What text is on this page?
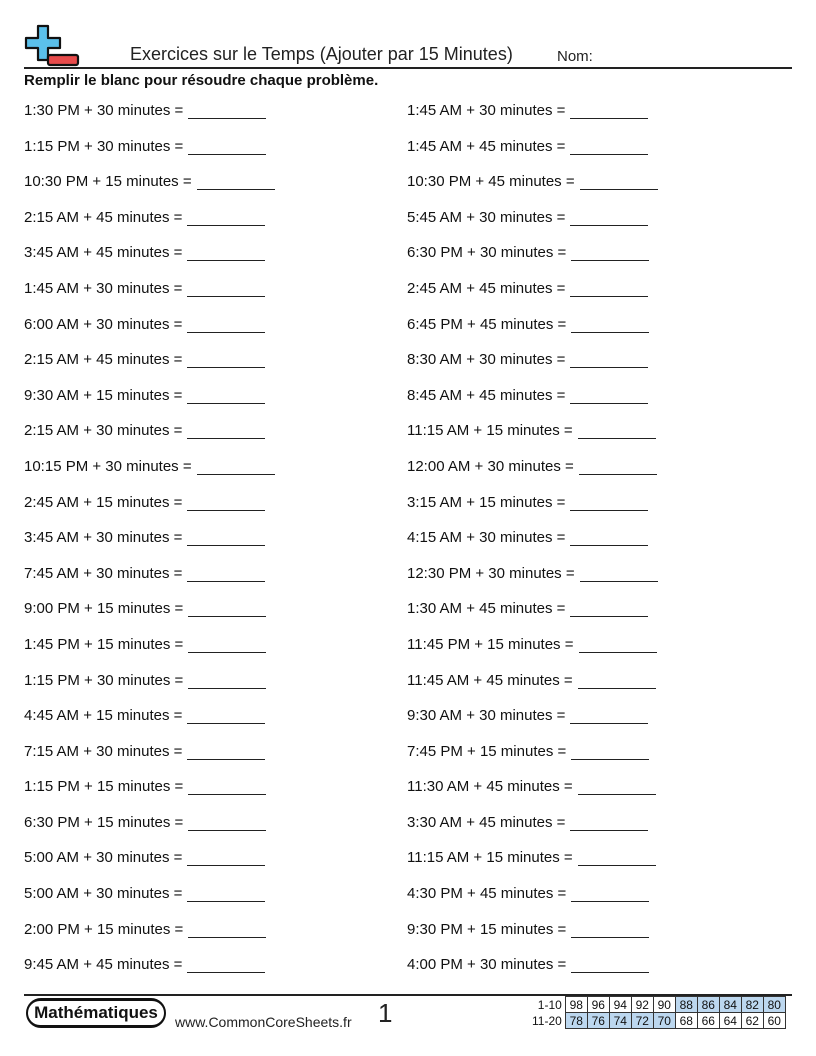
Exercices sur le Temps (Ajouter par 15 Minutes)	Nom:
Remplir le blanc pour résoudre chaque problème.
1:30 PM + 30 minutes =	1:45 AM + 30 minutes =
1:15 PM + 30 minutes =	1:45 AM + 45 minutes =
10:30 PM + 15 minutes =	10:30 PM + 45 minutes =
2:15 AM + 45 minutes =	5:45 AM + 30 minutes =
3:45 AM + 45 minutes =	6:30 PM + 30 minutes =
1:45 AM + 30 minutes =	2:45 AM + 45 minutes =
6:00 AM + 30 minutes =	6:45 PM + 45 minutes =
2:15 AM + 45 minutes =	8:30 AM + 30 minutes =
9:30 AM + 15 minutes =	8:45 AM + 45 minutes =
2:15 AM + 30 minutes =	11:15 AM + 15 minutes =
10:15 PM + 30 minutes =	12:00 AM + 30 minutes =
2:45 AM + 15 minutes =	3:15 AM + 15 minutes =
3:45 AM + 30 minutes =	4:15 AM + 30 minutes =
7:45 AM + 30 minutes =	12:30 PM + 30 minutes =
9:00 PM + 15 minutes =	1:30 AM + 45 minutes =
1:45 PM + 15 minutes =	11:45 PM + 15 minutes =
1:15 PM + 30 minutes =	11:45 AM + 45 minutes =
4:45 AM + 15 minutes =	9:30 AM + 30 minutes =
7:15 AM + 30 minutes =	7:45 PM + 15 minutes =
1:15 PM + 15 minutes =	11:30 AM + 45 minutes =
6:30 PM + 15 minutes =	3:30 AM + 45 minutes =
5:00 AM + 30 minutes =	11:15 AM + 15 minutes =
5:00 AM + 30 minutes =	4:30 PM + 45 minutes =
2:00 PM + 15 minutes =	9:30 PM + 15 minutes =
9:45 AM + 45 minutes =	4:00 PM + 30 minutes =
Mathématiques	www.CommonCoreSheets.fr 1	1-10	98	96	94	92	90	88	86	84	82	80
11-20	78	76	74	72	70	68	66	64	62	60
